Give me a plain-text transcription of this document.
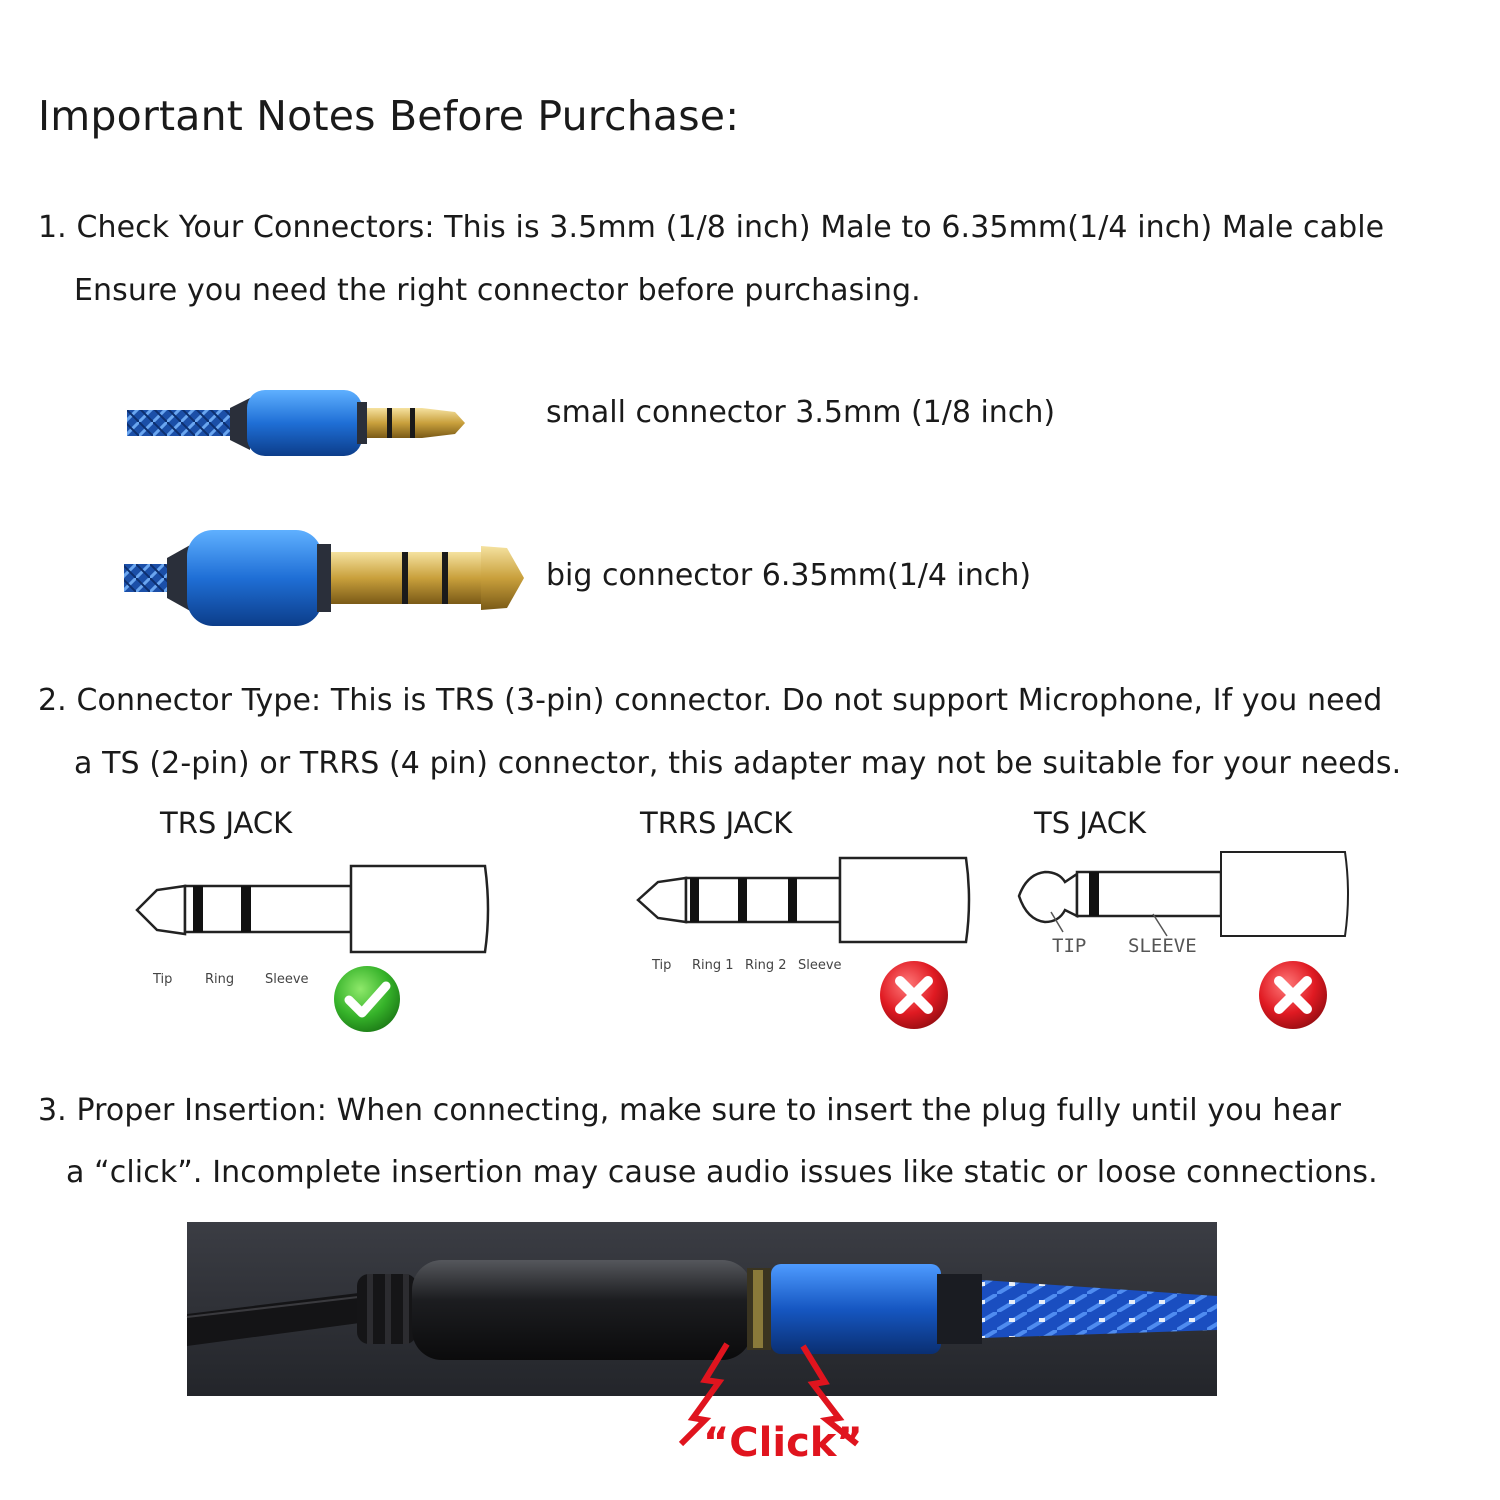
Important Notes Before Purchase:
1. Check Your Connectors: This is 3.5mm (1/8 inch) Male to 6.35mm(1/4 inch) Male cable
Ensure you need the right connector before purchasing.
small connector 3.5mm (1/8 inch)
big connector 6.35mm(1/4 inch)
2. Connector Type: This is TRS (3-pin) connector. Do not support Microphone, If you need
a TS (2-pin) or TRRS (4 pin) connector, this adapter may not be suitable for your needs.
TRS JACK
Tip	Ring Sleeve
TRRS JACK
Tip Ring 1 Ring 2 Sleeve
TS JACK
TIP SLEEVE
3. Proper Insertion: When connecting, make sure to insert the plug fully until you hear
a “click”. Incomplete insertion may cause audio issues like static or loose connections.
“Click”
